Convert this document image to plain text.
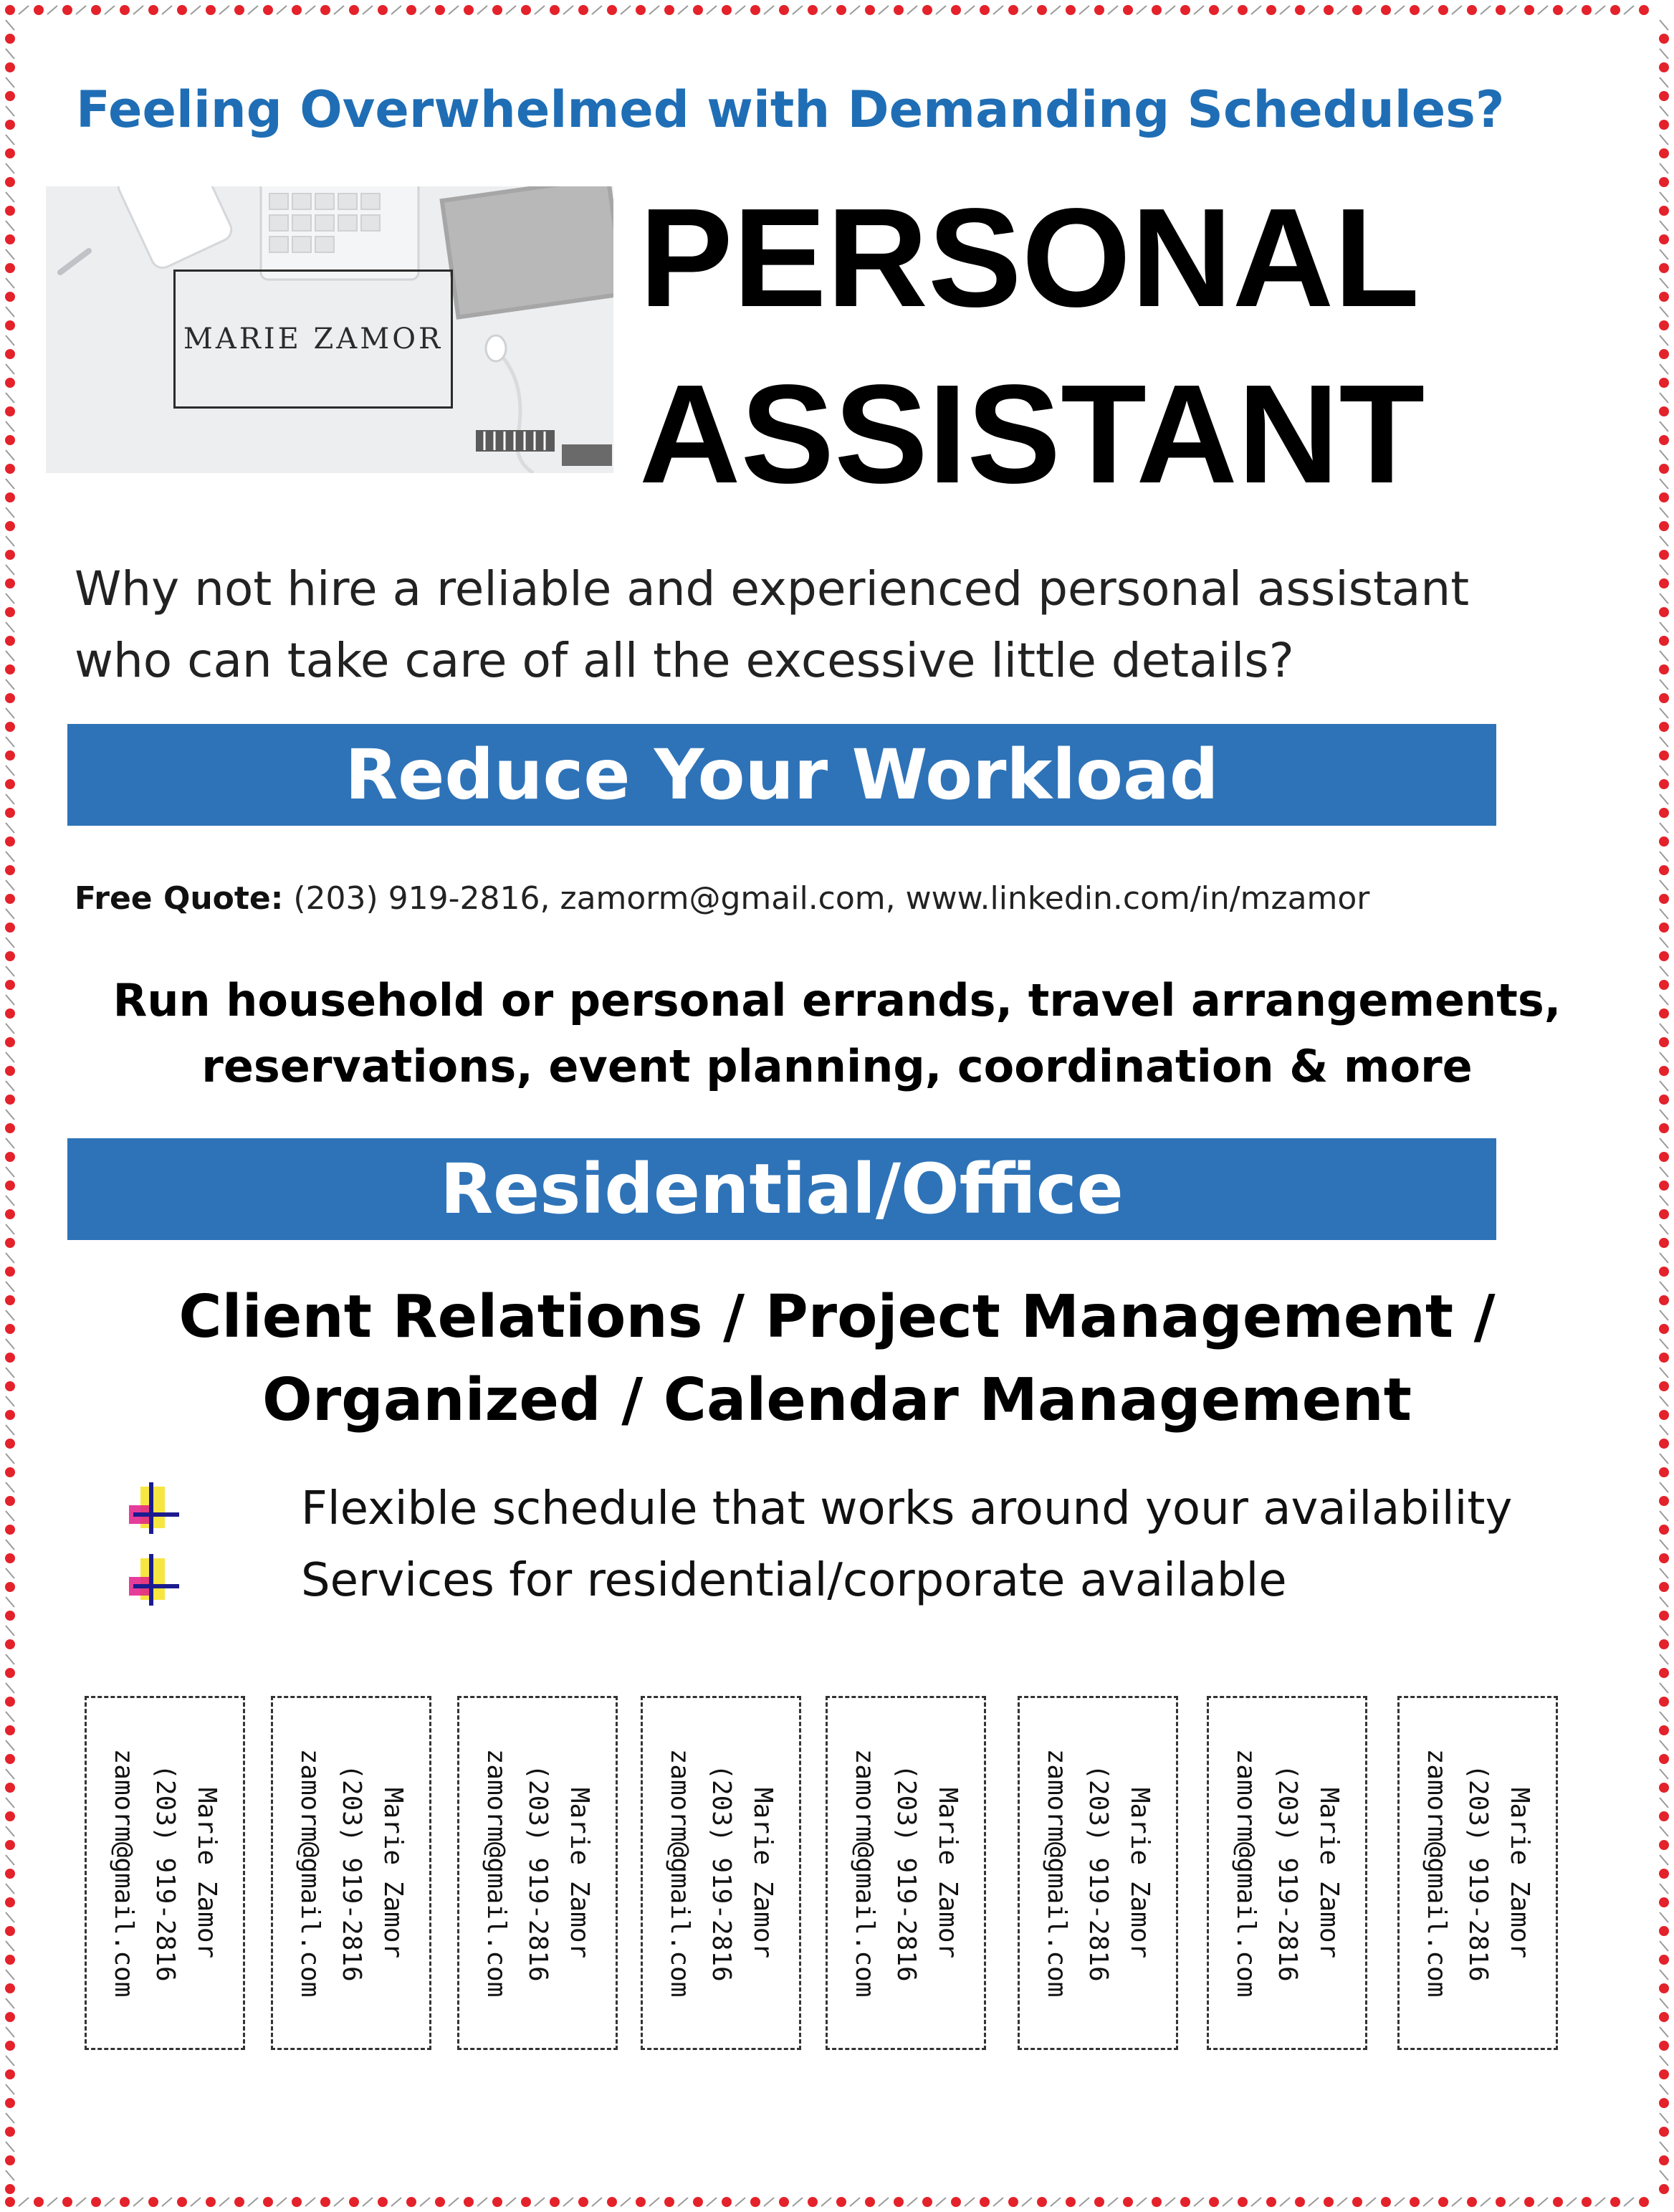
Feeling Overwhelmed with Demanding Schedules?
MARIE ZAMOR
PERSONAL
ASSISTANT
Why not hire a reliable and experienced personal assistant
who can take care of all the excessive little details?
Reduce Your Workload
Free Quote: (203) 919-2816, zamorm@gmail.com, www.linkedin.com/in/mzamor
Run household or personal errands, travel arrangements,
reservations, event planning, coordination & more
Residential/Office
Client Relations / Project Management /
Organized / Calendar Management
Flexible schedule that works around your availability
Services for residential/corporate available
Marie Zamor
(203) 919-2816
zamorm@gmail.com	Marie Zamor
(203) 919-2816
zamorm@gmail.com	Marie Zamor
(203) 919-2816
zamorm@gmail.com	Marie Zamor
(203) 919-2816
zamorm@gmail.com	Marie Zamor
(203) 919-2816
zamorm@gmail.com	Marie Zamor
(203) 919-2816
zamorm@gmail.com	Marie Zamor
(203) 919-2816
zamorm@gmail.com	Marie Zamor
(203) 919-2816
zamorm@gmail.com
